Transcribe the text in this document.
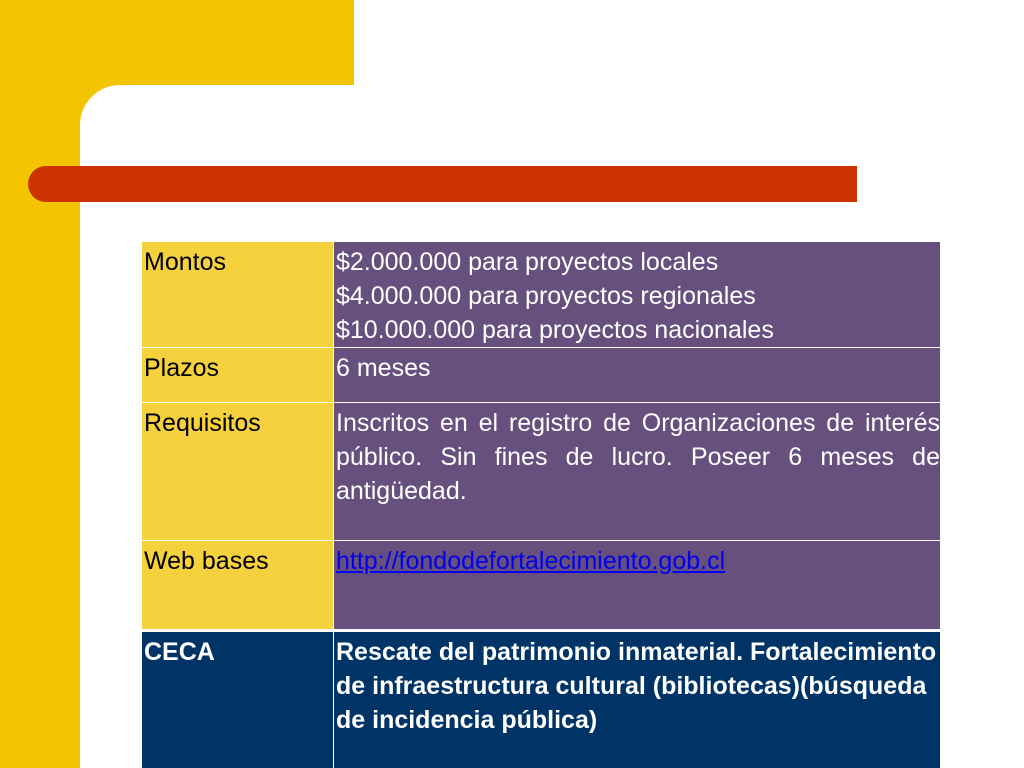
Montos	$2.000.000 para proyectos locales
$4.000.000 para proyectos regionales
$10.000.000 para proyectos nacionales

Plazos	6 meses
Requisitos	Inscritos en el registro de Organizaciones de interés público. Sin fines de lucro. Poseer 6 meses de antigüedad.
Web bases	http://fondodefortalecimiento.gob.cl
CECA	Rescate del patrimonio inmaterial. Fortalecimiento de infraestructura cultural (bibliotecas)(búsqueda de incidencia pública)
